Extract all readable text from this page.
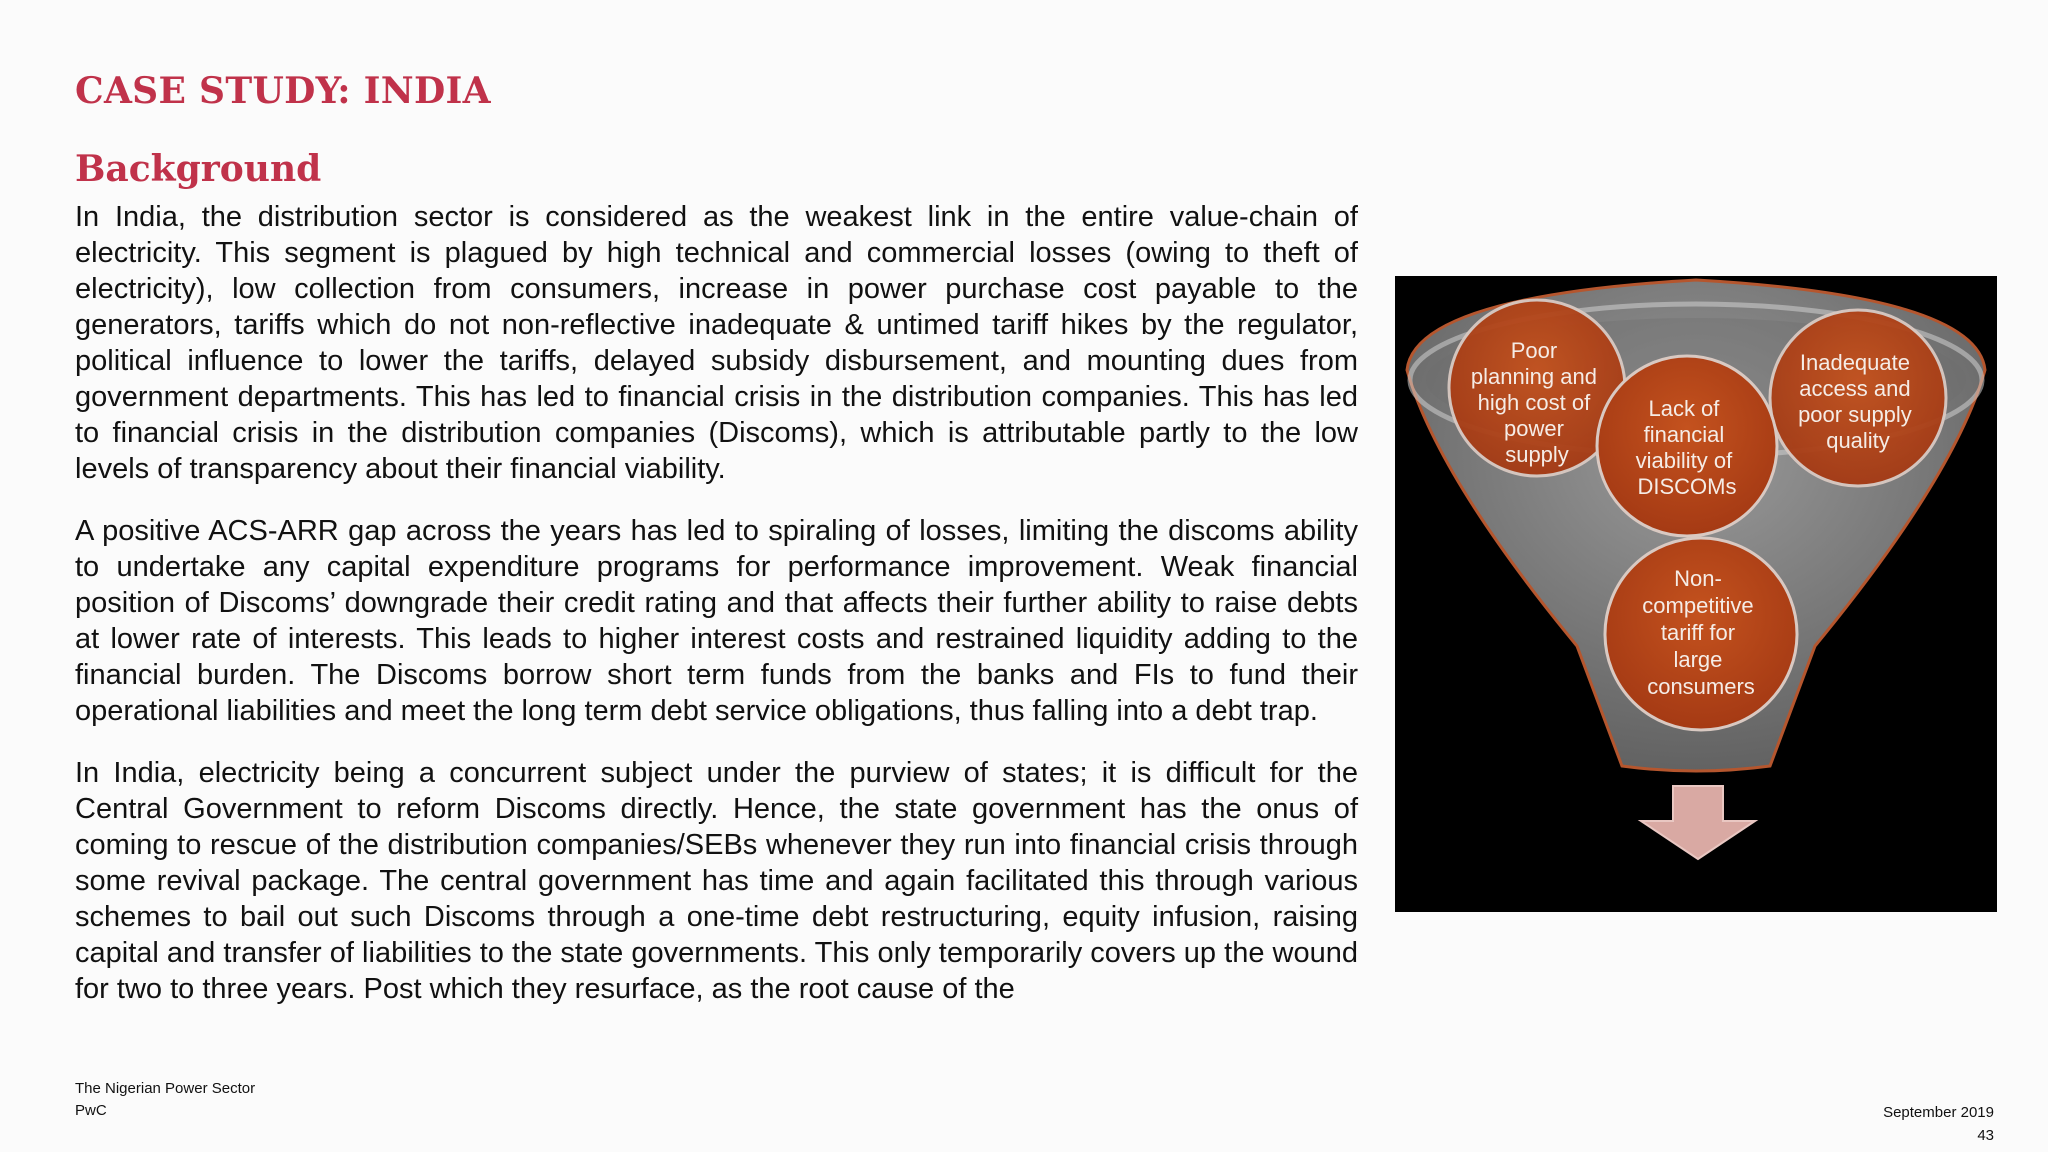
CASE STUDY: INDIA
Background

In India, the distribution sector is considered as the weakest link in the entire value-chain of electricity. This segment is plagued by high technical and commercial losses (owing to theft of electricity), low collection from consumers, increase in power purchase cost payable to the generators, tariffs which do not non-reflective inadequate & untimed tariff hikes by the regulator, political influence to lower the tariffs, delayed subsidy disbursement, and mounting dues from government departments. This has led to financial crisis in the distribution companies. This has led to financial crisis in the distribution companies (Discoms), which is attributable partly to the low levels of transparency about their financial viability.

A positive ACS-ARR gap across the years has led to spiraling of losses, limiting the discoms ability to undertake any capital expenditure programs for performance improvement. Weak financial position of Discoms’ downgrade their credit rating and that affects their further ability to raise debts at lower rate of interests. This leads to higher interest costs and restrained liquidity adding to the financial burden. The Discoms borrow short term funds from the banks and FIs to fund their operational liabilities and meet the long term debt service obligations, thus falling into a debt trap.

In India, electricity being a concurrent subject under the purview of states; it is difficult for the Central Government to reform Discoms directly. Hence, the state government has the onus of coming to rescue of the distribution companies/SEBs whenever they run into financial crisis through some revival package. The central government has time and again facilitated this through various schemes to bail out such Discoms through a one-time debt restructuring, equity infusion, raising capital and transfer of liabilities to the state governments. This only temporarily covers up the wound for two to three years. Post which they resurface, as the root cause of the

Poor planning and high cost of power supply
Inadequate access and poor supply quality
Lack of financial viability of DISCOMs
Non- competitive tariff for large consumers
The Nigerian Power Sector
PwC	September 2019
43
